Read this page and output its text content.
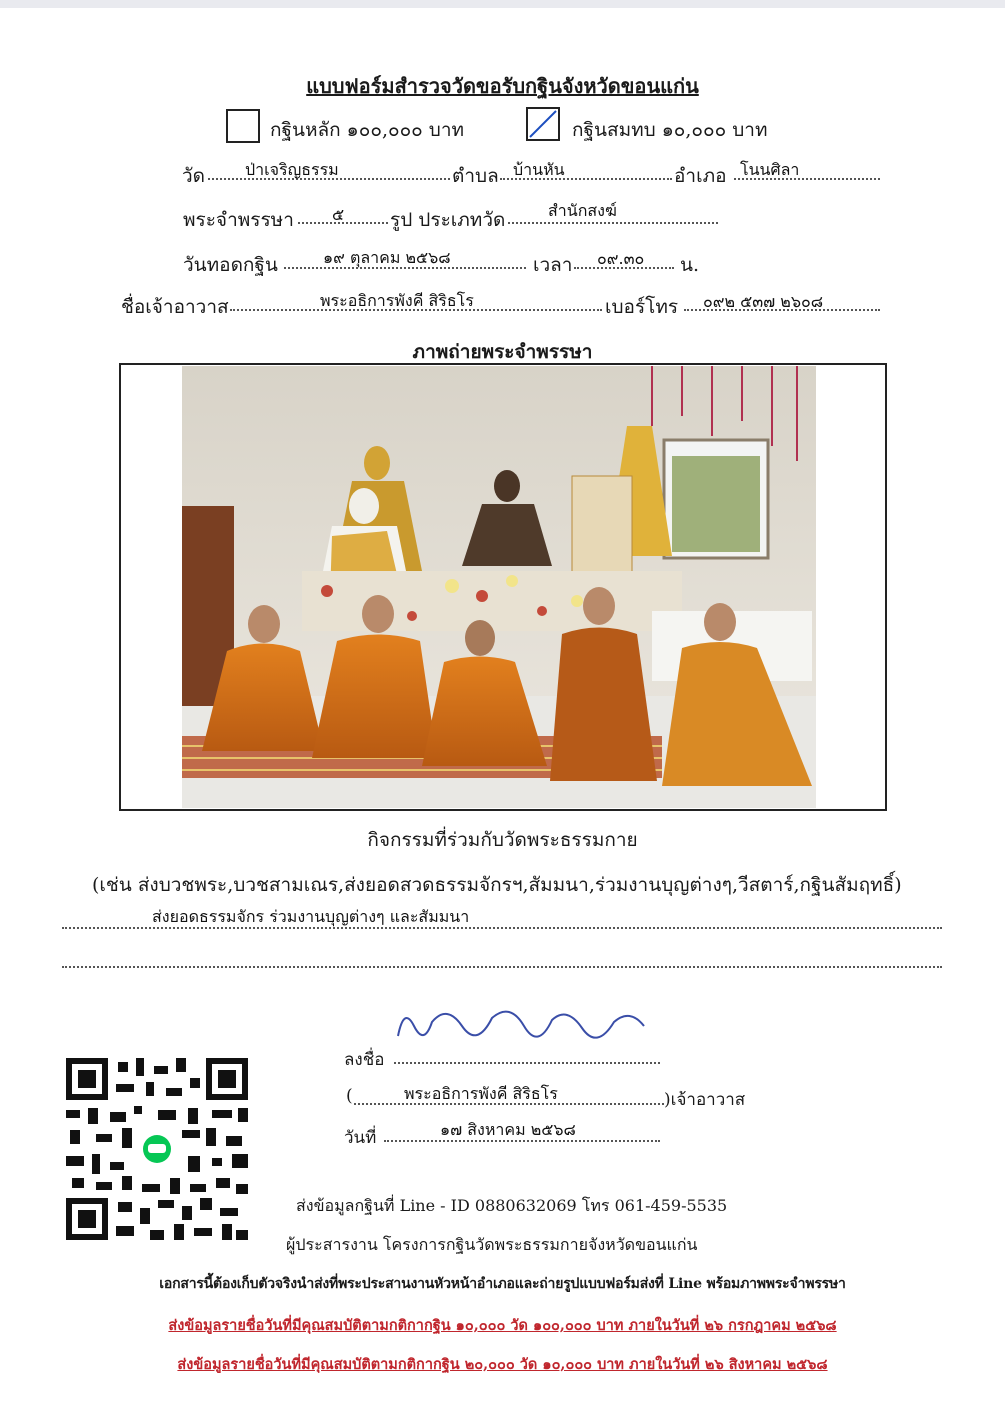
แบบฟอร์มสำรวจวัดขอรับกฐินจังหวัดขอนแก่น
กฐินหลัก ๑๐๐,๐๐๐ บาท	กฐินสมทบ ๑๐,๐๐๐ บาท
วัด ป่าเจริญธรรม	ตำบล บ้านหัน	อำเภอ โนนศิลา
พระจำพรรษา ๕ รูป ประเภทวัด	สำนักสงฆ์
วันทอดกฐิน	๑๙ ตุลาคม ๒๕๖๘	เวลา ๐๙.๓๐ น.
ชื่อเจ้าอาวาส	พระอธิการพังคี สิริธโร	เบอร์โทร ๐๙๒ ๕๓๗ ๒๖๐๘
ภาพถ่ายพระจำพรรษา
กิจกรรมที่ร่วมกับวัดพระธรรมกาย
(เช่น ส่งบวชพระ,บวชสามเณร,ส่งยอดสวดธรรมจักรฯ,สัมมนา,ร่วมงานบุญต่างๆ,วีสตาร์,กฐินสัมฤทธิ์)
ส่งยอดธรรมจักร ร่วมงานบุญต่างๆ และสัมมนา
ลงชื่อ
(	พระอธิการพังคี สิริธโร	)เจ้าอาวาส
วันที่	๑๗ สิงหาคม ๒๕๖๘
ส่งข้อมูลกฐินที่ Line - ID 0880632069 โทร 061-459-5535
ผู้ประสารงาน โครงการกฐินวัดพระธรรมกายจังหวัดขอนแก่น
เอกสารนี้ต้องเก็บตัวจริงนำส่งที่พระประสานงานหัวหน้าอำเภอและถ่ายรูปแบบฟอร์มส่งที่ Line พร้อมภาพพระจำพรรษา
ส่งข้อมูลรายชื่อวันที่มีคุณสมบัติตามกติกากฐิน ๑๐,๐๐๐ วัด ๑๐๐,๐๐๐ บาท ภายในวันที่ ๒๖ กรกฎาคม ๒๕๖๘
ส่งข้อมูลรายชื่อวันที่มีคุณสมบัติตามกติกากฐิน ๒๐,๐๐๐ วัด ๑๐,๐๐๐ บาท ภายในวันที่ ๒๖ สิงหาคม ๒๕๖๘
